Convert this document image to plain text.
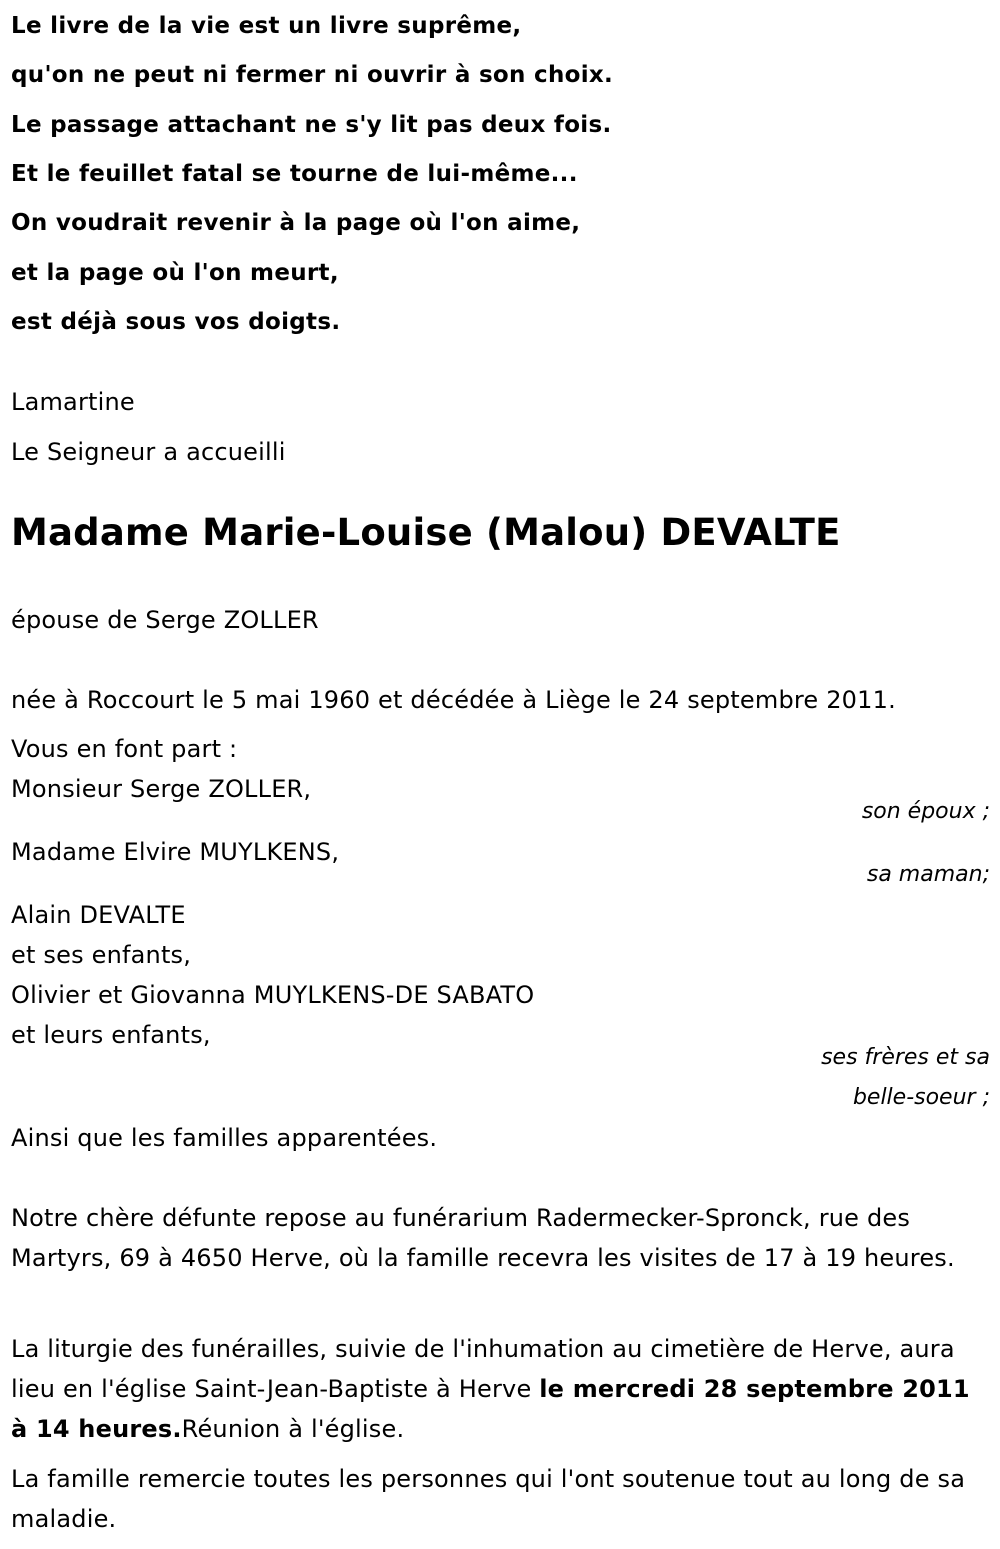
Le livre de la vie est un livre suprême,
qu'on ne peut ni fermer ni ouvrir à son choix.
Le passage attachant ne s'y lit pas deux fois.
Et le feuillet fatal se tourne de lui-même...
On voudrait revenir à la page où l'on aime,
et la page où l'on meurt,
est déjà sous vos doigts.
Lamartine
Le Seigneur a accueilli
Madame Marie-Louise (Malou) DEVALTE
épouse de Serge ZOLLER
née à Roccourt le 5 mai 1960 et décédée à Liège le 24 septembre 2011.
Vous en font part :
Monsieur Serge ZOLLER,
son époux ;
Madame Elvire MUYLKENS,
sa maman;
Alain DEVALTE
et ses enfants,
Olivier et Giovanna MUYLKENS-DE SABATO
et leurs enfants,
ses frères et sa
belle-soeur ;
Ainsi que les familles apparentées.
Notre chère défunte repose au funérarium Radermecker-Spronck, rue des Martyrs, 69 à 4650 Herve, où la famille recevra les visites de 17 à 19 heures.
La liturgie des funérailles, suivie de l'inhumation au cimetière de Herve, aura lieu en l'église Saint-Jean-Baptiste à Herve le mercredi 28 septembre 2011 à 14 heures.Réunion à l'église.
La famille remercie toutes les personnes qui l'ont soutenue tout au long de sa maladie.
